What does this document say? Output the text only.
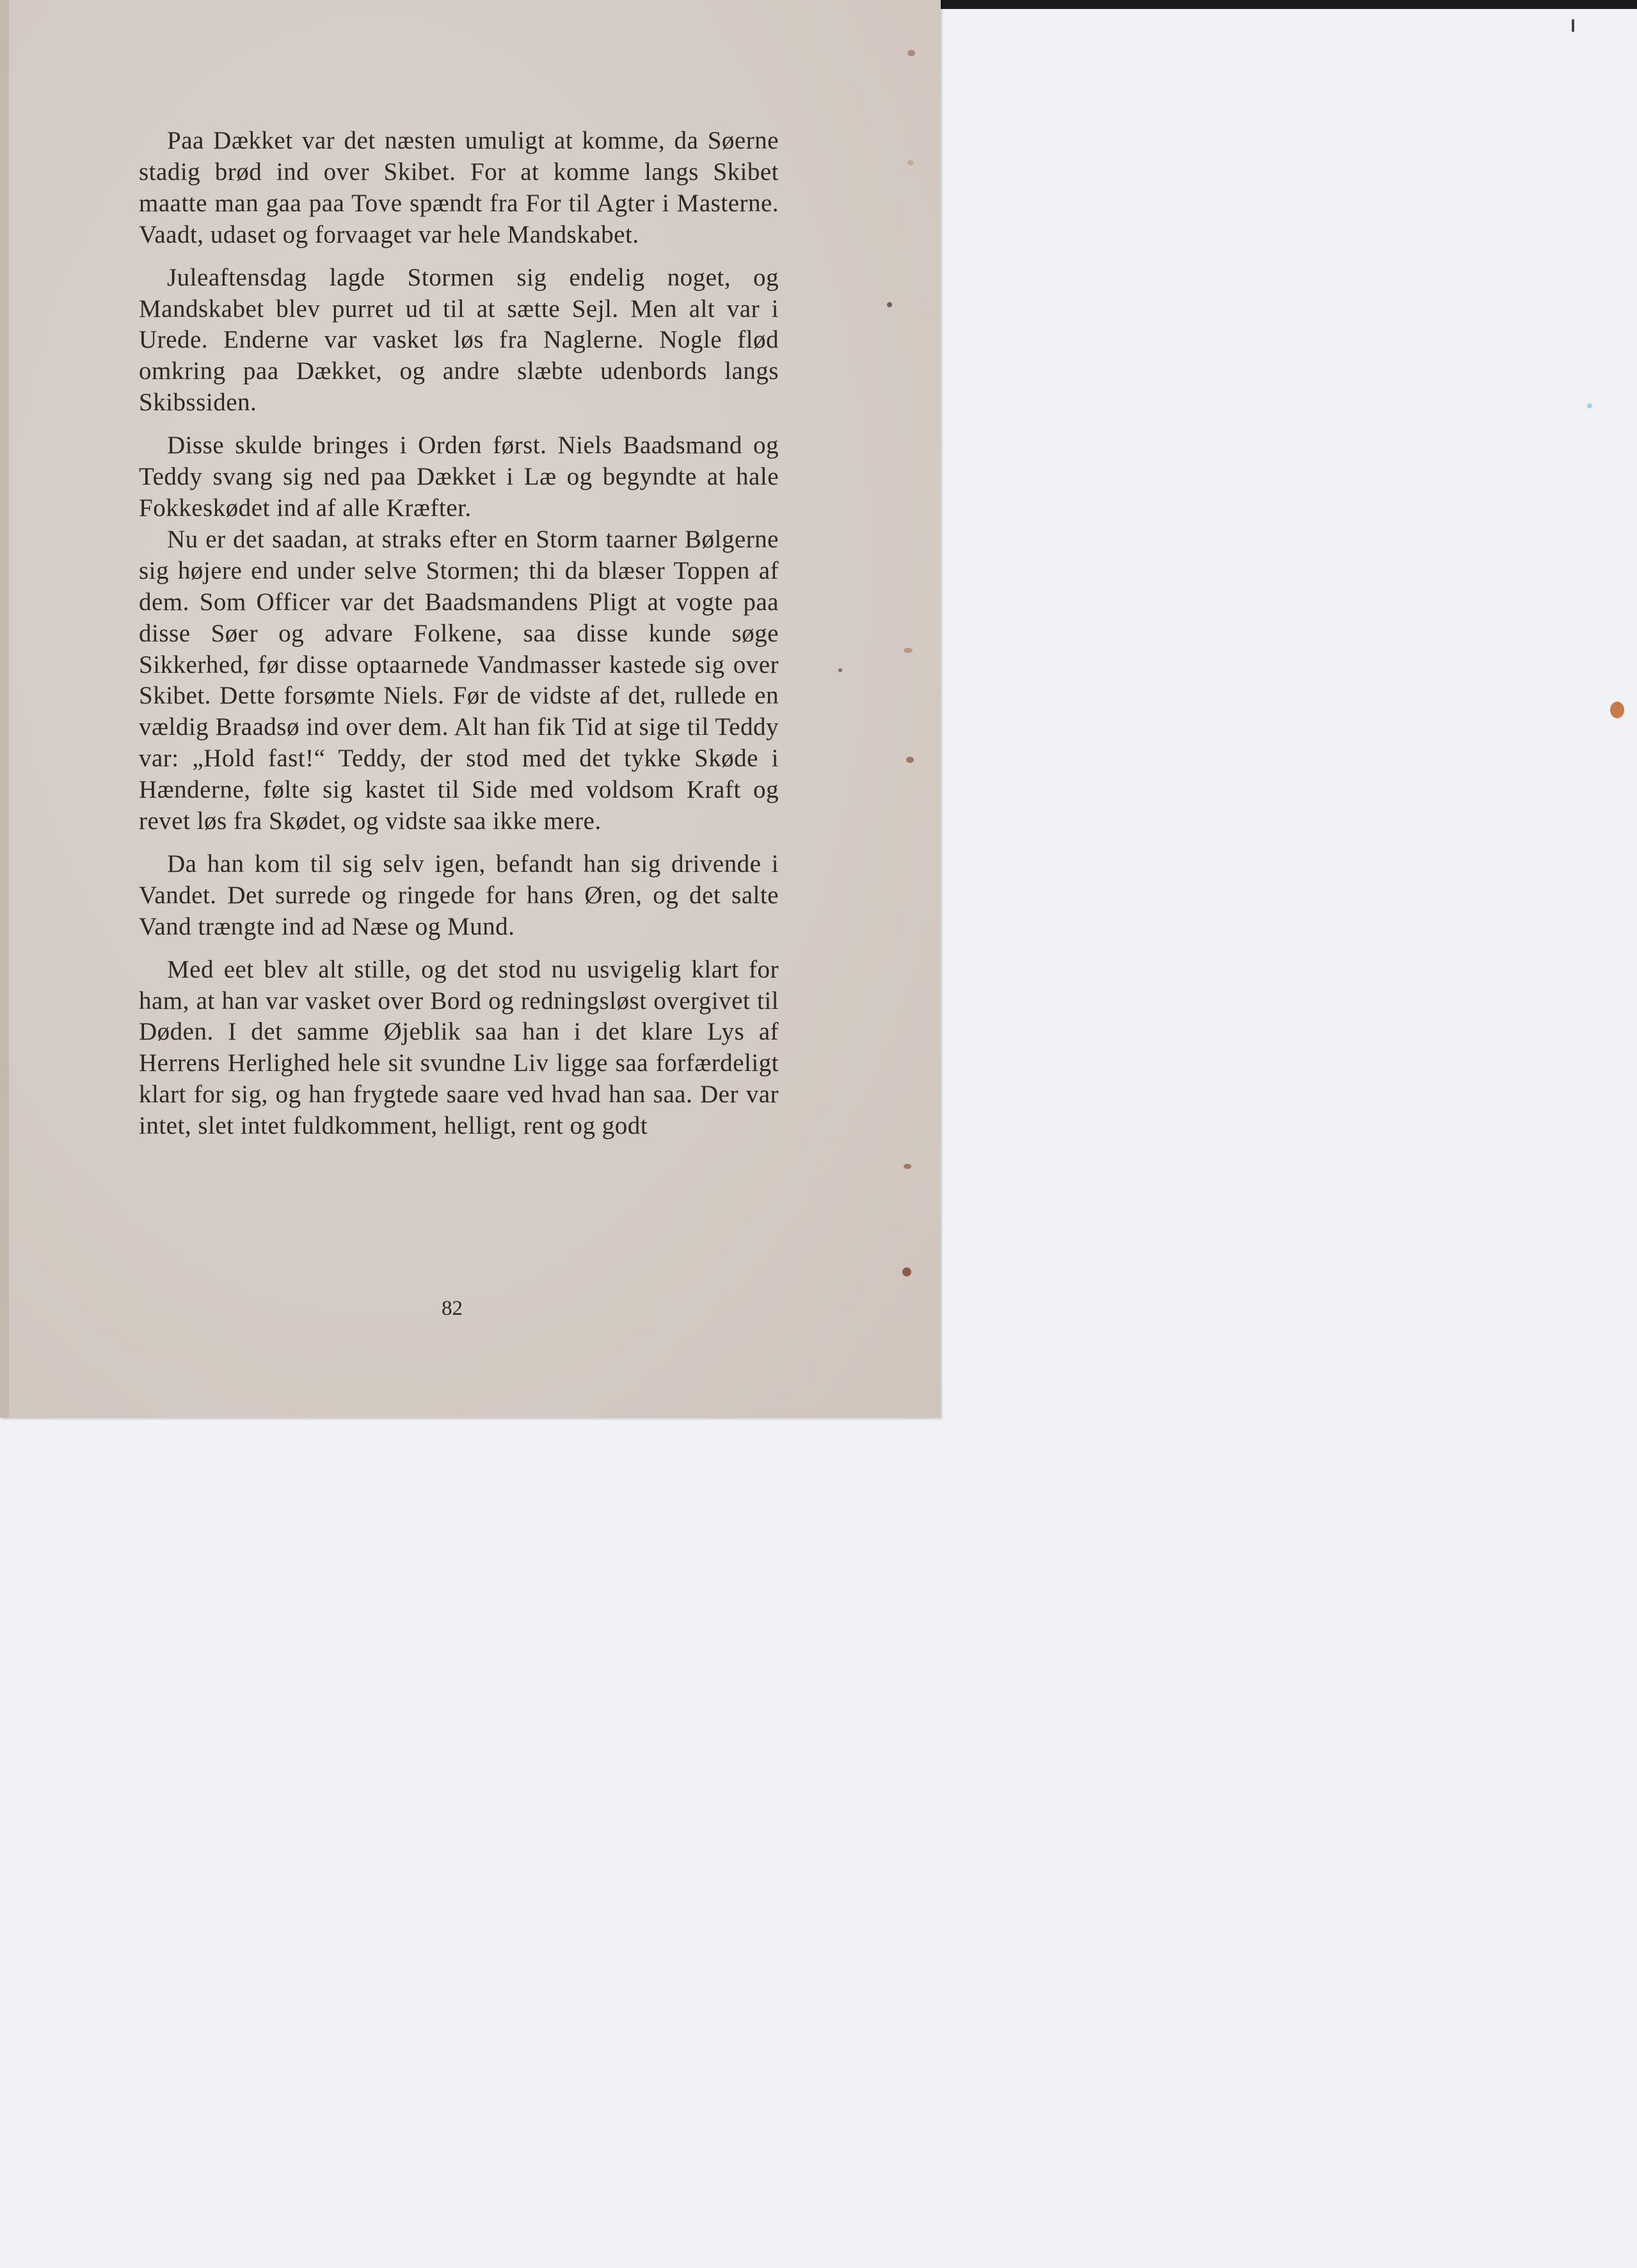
Paa Dækket var det næsten umuligt at komme, da Søerne stadig brød ind over Skibet. For at komme langs Skibet maatte man gaa paa Tove spændt fra For til Agter i Masterne. Vaadt, udaset og forvaaget var hele Mandskabet.

Juleaftensdag lagde Stormen sig endelig noget, og Mandskabet blev purret ud til at sætte Sejl. Men alt var i Urede. Enderne var vasket løs fra Naglerne. Nogle flød omkring paa Dækket, og andre slæbte udenbords langs Skibssiden.

Disse skulde bringes i Orden først. Niels Baadsmand og Teddy svang sig ned paa Dækket i Læ og begyndte at hale Fokkeskødet ind af alle Kræfter.

Nu er det saadan, at straks efter en Storm taarner Bølgerne sig højere end under selve Stormen; thi da blæser Toppen af dem. Som Officer var det Baadsmandens Pligt at vogte paa disse Søer og advare Folkene, saa disse kunde søge Sikkerhed, før disse optaarnede Vandmasser kastede sig over Skibet. Dette forsømte Niels. Før de vidste af det, rullede en vældig Braadsø ind over dem. Alt han fik Tid at sige til Teddy var: „Hold fast!“ Teddy, der stod med det tykke Skøde i Hænderne, følte sig kastet til Side med voldsom Kraft og revet løs fra Skødet, og vidste saa ikke mere.

Da han kom til sig selv igen, befandt han sig drivende i Vandet. Det surrede og ringede for hans Øren, og det salte Vand trængte ind ad Næse og Mund.

Med eet blev alt stille, og det stod nu usvigelig klart for ham, at han var vasket over Bord og redningsløst overgivet til Døden. I det samme Øjeblik saa han i det klare Lys af Herrens Herlighed hele sit svundne Liv ligge saa forfærdeligt klart for sig, og han frygtede saare ved hvad han saa. Der var intet, slet intet fuldkomment, helligt, rent og godt

82
